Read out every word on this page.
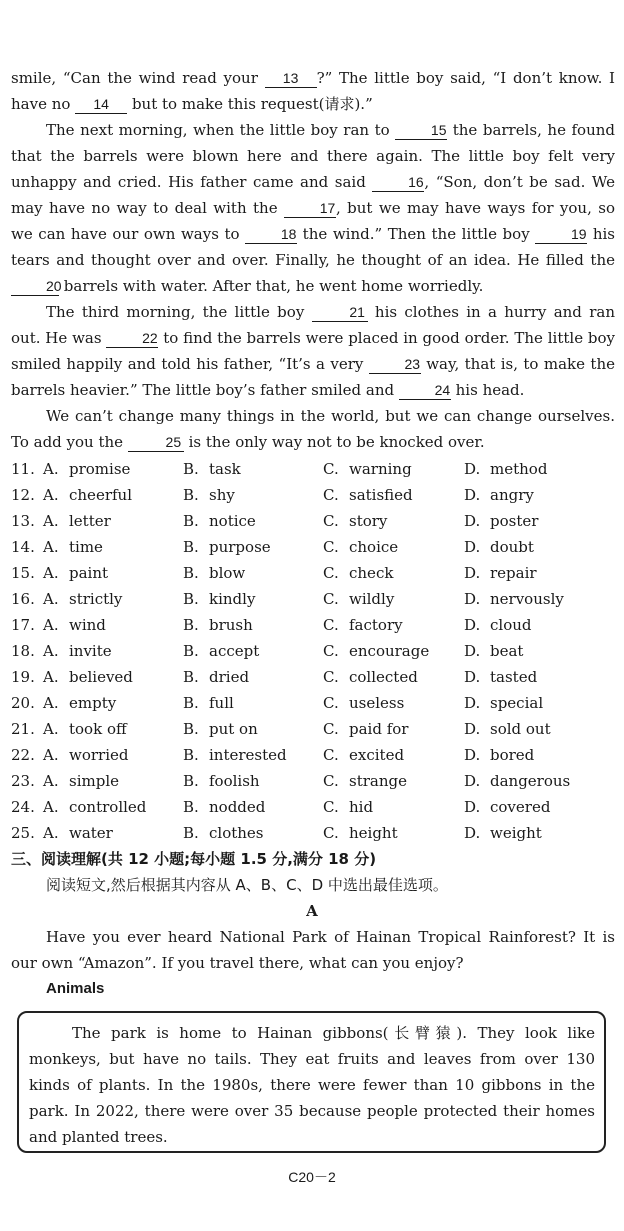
smile, “Can the wind read your 13 ?” The little boy said, “I don’t know. I have no 14 but to make this request(请求).”

The next morning, when the little boy ran to	15 the barrels, he found that the barrels were blown here and there again. The little boy felt very unhappy and cried. His father came and said	16, “Son, don’t be sad. We may have no way to deal with the	17, but we may have ways for you, so we can have our own ways to	18 the wind.” Then the little boy	19 his tears and thought over and over. Finally, he thought of an idea. He filled the 20 barrels with water. After that, he went home worriedly.

The third morning, the little boy	21 his clothes in a hurry and ran out. He was	22 to find the barrels were placed in good order. The little boy smiled happily and told his father, “It’s a very	23 way, that is, to make the barrels heavier.” The little boy’s father smiled and	24 his head.

We can’t change many things in the world, but we can change ourselves. To add you the	25 is the only way not to be knocked over.

11. A. promise	B. task	C. warning	D. method
12. A. cheerful	B. shy	C. satisfied	D. angry
13. A. letter	B. notice	C. story	D. poster
14. A. time	B. purpose	C. choice	D. doubt
15. A. paint	B. blow	C. check	D. repair
16. A. strictly	B. kindly	C. wildly	D. nervously
17. A. wind	B. brush	C. factory	D. cloud
18. A. invite	B. accept	C. encourage D. beat
19. A. believed	B. dried	C. collected	D. tasted
20. A. empty	B. full	C. useless	D. special
21. A. took off	B. put on	C. paid for	D. sold out
22. A. worried	B. interested C. excited	D. bored
23. A. simple	B. foolish	C. strange	D. dangerous
24. A. controlled B. nodded	C. hid	D. covered
25. A. water	B. clothes	C. height	D. weight
三、阅读理解(共 12 小题;每小题 1.5 分,满分 18 分)
阅读短文,然后根据其内容从 A、B、C、D 中选出最佳选项。
A
Have you ever heard National Park of Hainan Tropical Rainforest? It is our own “Amazon”. If you travel there, what can you enjoy?
Animals
The park is home to Hainan gibbons(长臂猿). They look like monkeys, but have no tails. They eat fruits and leaves from over 130 kinds of plants. In the 1980s, there were fewer than 10 gibbons in the park. In 2022, there were over 35 because people protected their homes and planted trees.
C20－2
